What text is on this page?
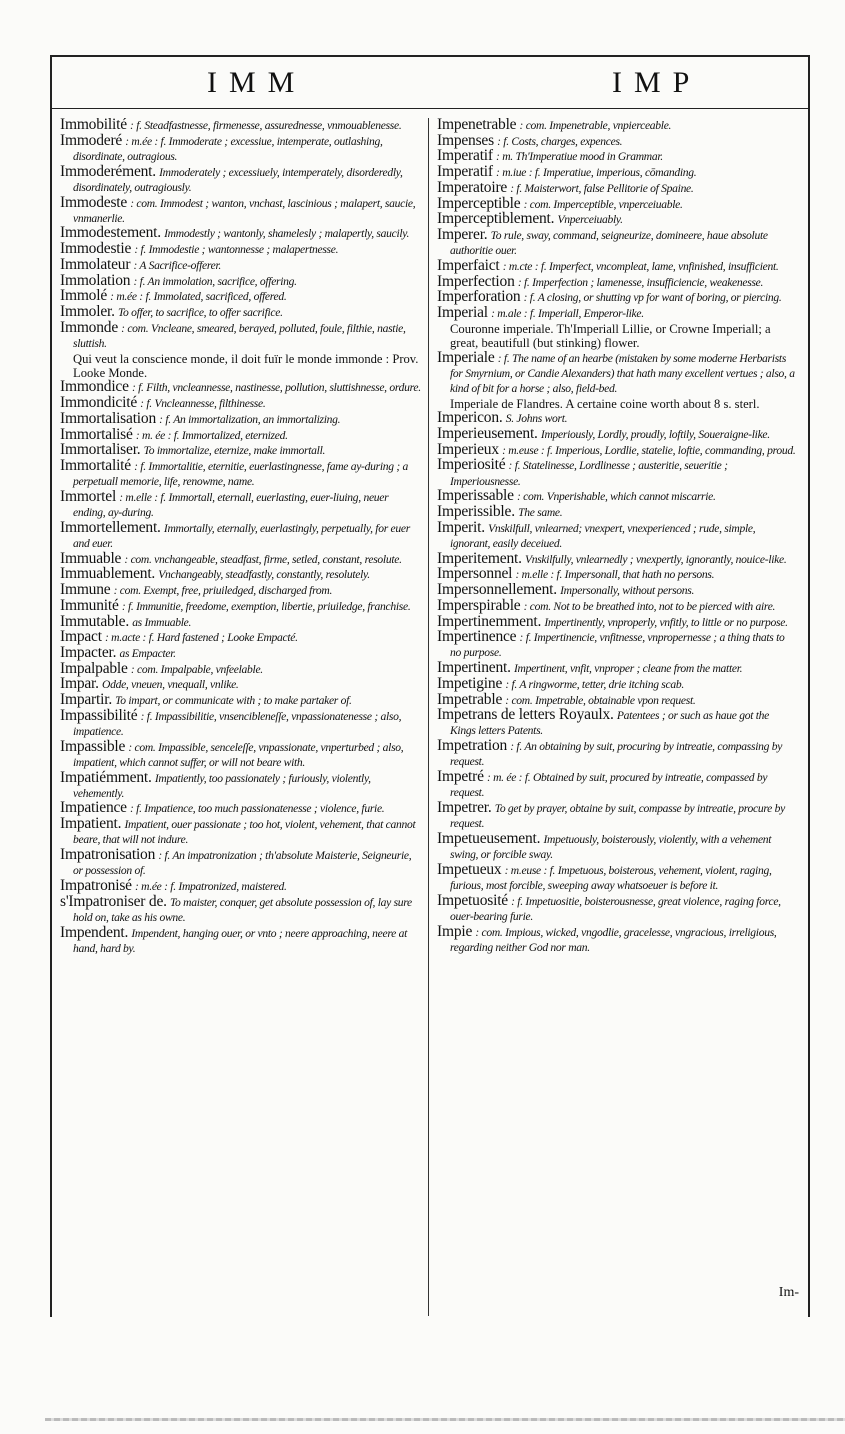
IMM	IMP
Immobilité : f. Steadfastnesse, firmenesse, assurednesse, vnmouablenesse.
Immoderé : m.ée : f. Immoderate ; excessiue, intemperate, outlashing, disordinate, outragious.
Immoderément. Immoderately ; excessiuely, intemperately, disorderedly, disordinately, outragiously.
Immodeste : com. Immodest ; wanton, vnchast, lascinious ; malapert, saucie, vnmanerlie.
Immodestement. Immodestly ; wantonly, shamelesly ; malapertly, saucily.
Immodestie : f. Immodestie ; wantonnesse ; malapertnesse.
Immolateur : A Sacrifice-offerer.
Immolation : f. An immolation, sacrifice, offering.
Immolé : m.ée : f. Immolated, sacrificed, offered.
Immoler. To offer, to sacrifice, to offer sacrifice.
Immonde : com. Vncleane, smeared, berayed, polluted, foule, filthie, nastie, sluttish.
Qui veut la conscience monde, il doit fuïr le monde immonde : Prov. Looke Monde.
Immondice : f. Filth, vncleannesse, nastinesse, pollution, sluttishnesse, ordure.
Immondicité : f. Vncleannesse, filthinesse.
Immortalisation : f. An immortalization, an immortalizing.
Immortalisé : m. ée : f. Immortalized, eternized.
Immortaliser. To immortalize, eternize, make immortall.
Immortalité : f. Immortalitie, eternitie, euerlastingnesse, fame ay-during ; a perpetuall memorie, life, renowme, name.
Immortel : m.elle : f. Immortall, eternall, euerlasting, euer-liuing, neuer ending, ay-during.
Immortellement. Immortally, eternally, euerlastingly, perpetually, for euer and euer.
Immuable : com. vnchangeable, steadfast, firme, setled, constant, resolute.
Immuablement. Vnchangeably, steadfastly, constantly, resolutely.
Immune : com. Exempt, free, priuiledged, discharged from.
Immunité : f. Immunitie, freedome, exemption, libertie, priuiledge, franchise.
Immutable. as Immuable.
Impact : m.acte : f. Hard fastened ; Looke Empacté.
Impacter. as Empacter.
Impalpable : com. Impalpable, vnfeelable.
Impar. Odde, vneuen, vnequall, vnlike.
Impartir. To impart, or communicate with ; to make partaker of.
Impassibilité : f. Impassibilitie, vnsencibleneſſe, vnpassionatenesse ; also, impatience.
Impassible : com. Impassible, senceleſſe, vnpassionate, vnperturbed ; also, impatient, which cannot suffer, or will not beare with.
Impatiémment. Impatiently, too passionately ; furiously, violently, vehemently.
Impatience : f. Impatience, too much passionatenesse ; violence, furie.
Impatient. Impatient, ouer passionate ; too hot, violent, vehement, that cannot beare, that will not indure.
Impatronisation : f. An impatronization ; th'absolute Maisterie, Seigneurie, or possession of.
Impatronisé : m.ée : f. Impatronized, maistered.
s'Impatroniser de. To maister, conquer, get absolute possession of, lay sure hold on, take as his owne.
Impendent. Impendent, hanging ouer, or vnto ; neere approaching, neere at hand, hard by.
Impenetrable : com. Impenetrable, vnpierceable.
Impenses : f. Costs, charges, expences.
Imperatif : m. Th'Imperatiue mood in Grammar.
Imperatif : m.iue : f. Imperatiue, imperious, cōmanding.
Imperatoire : f. Maisterwort, false Pellitorie of Spaine.
Imperceptible : com. Imperceptible, vnperceiuable.
Imperceptiblement. Vnperceiuably.
Imperer. To rule, sway, command, seigneurize, domineere, haue absolute authoritie ouer.
Imperfaict : m.cte : f. Imperfect, vncompleat, lame, vnfinished, insufficient.
Imperfection : f. Imperfection ; lamenesse, insufficiencie, weakenesse.
Imperforation : f. A closing, or shutting vp for want of boring, or piercing.
Imperial : m.ale : f. Imperiall, Emperor-like.
Couronne imperiale. Th'Imperiall Lillie, or Crowne Imperiall; a great, beautifull (but stinking) flower.
Imperiale : f. The name of an hearbe (mistaken by some moderne Herbarists for Smyrnium, or Candie Alexanders) that hath many excellent vertues ; also, a kind of bit for a horse ; also, field-bed.
Imperiale de Flandres. A certaine coine worth about 8 s. sterl.
Impericon. S. Johns wort.
Imperieusement. Imperiously, Lordly, proudly, loftily, Soueraigne-like.
Imperieux : m.euse : f. Imperious, Lordlie, statelie, loftie, commanding, proud.
Imperiosité : f. Statelinesse, Lordlinesse ; austeritie, seueritie ; Imperiousnesse.
Imperissable : com. Vnperishable, which cannot miscarrie.
Imperissible. The same.
Imperit. Vnskilfull, vnlearned; vnexpert, vnexperienced ; rude, simple, ignorant, easily deceiued.
Imperitement. Vnskilfully, vnlearnedly ; vnexpertly, ignorantly, nouice-like.
Impersonnel : m.elle : f. Impersonall, that hath no persons.
Impersonnellement. Impersonally, without persons.
Imperspirable : com. Not to be breathed into, not to be pierced with aire.
Impertinemment. Impertinently, vnproperly, vnfitly, to little or no purpose.
Impertinence : f. Impertinencie, vnfitnesse, vnpropernesse ; a thing thats to no purpose.
Impertinent. Impertinent, vnfit, vnproper ; cleane from the matter.
Impetigine : f. A ringworme, tetter, drie itching scab.
Impetrable : com. Impetrable, obtainable vpon request.
Impetrans de letters Royaulx. Patentees ; or such as haue got the Kings letters Patents.
Impetration : f. An obtaining by suit, procuring by intreatie, compassing by request.
Impetré : m. ée : f. Obtained by suit, procured by intreatie, compassed by request.
Impetrer. To get by prayer, obtaine by suit, compasse by intreatie, procure by request.
Impetueusement. Impetuously, boisterously, violently, with a vehement swing, or forcible sway.
Impetueux : m.euse : f. Impetuous, boisterous, vehement, violent, raging, furious, most forcible, sweeping away whatsoeuer is before it.
Impetuosité : f. Impetuositie, boisterousnesse, great violence, raging force, ouer-bearing furie.
Impie : com. Impious, wicked, vngodlie, gracelesse, vngracious, irreligious, regarding neither God nor man.
Im-
